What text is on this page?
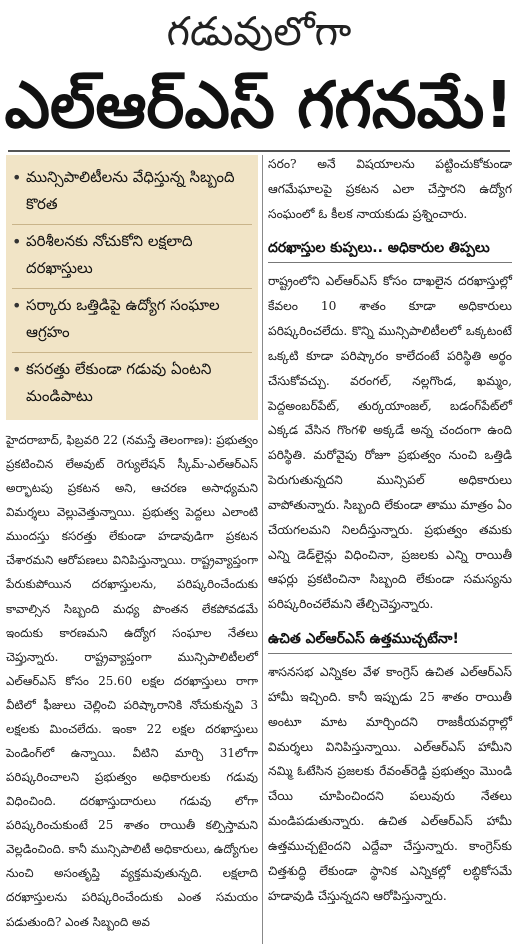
గడువులోగా
ఎల్‌ఆర్‌ఎస్ గగనమే!
• మున్సిపాలిటీలను వేధిస్తున్న సిబ్బంది కొరత
• పరిశీలనకు నోచుకోని లక్షలాది దరఖాస్తులు
• సర్కారు ఒత్తిడిపై ఉద్యోగ సంఘాల ఆగ్రహం
• కసరత్తు లేకుండా గడువు ఏంటని మండిపాటు

హైదరాబాద్, ఫిబ్రవరి 22 (నమస్తే తెలంగాణ): ప్రభుత్వం ప్రకటించిన లేఅవుట్ రెగ్యులేషన్ స్కీమ్-ఎల్ఆర్ఎస్ అర్భాటపు ప్రకటన అని, ఆచరణ అసాధ్యమని విమర్శలు వెల్లువెత్తున్నాయి. ప్రభుత్వ పెద్దలు ఎలాంటి ముందస్తు కసరత్తు లేకుండా హడావుడిగా ప్రకటన చేశారమని ఆరోపణలు వినిపిస్తున్నాయి. రాష్ట్రవ్యాప్తంగా పేరుకుపోయిన దరఖాస్తులను, పరిష్కరించేందుకు కావాల్సిన సిబ్బంది మధ్య పొంతన లేకపోవడమే ఇందుకు కారణమని ఉద్యోగ సంఘాల నేతలు చెప్తున్నారు. రాష్ట్రవ్యాప్తంగా మున్సిపాలిటీలలో ఎల్ఆర్ఎస్ కోసం 25.60 లక్షల దరఖాస్తులు రాగా వీటిలో ఫీజులు చెల్లించి పరిష్కారానికి నోచుకున్నవి 3 లక్షలకు మించలేదు. ఇంకా 22 లక్షల దరఖాస్తులు పెండింగ్‌లో ఉన్నాయి. వీటిని మార్చి 31లోగా పరిష్కరించాలని ప్రభుత్వం అధికారులకు గడువు విధించింది. దరఖాస్తుదారులు గడువు లోగా పరిష్కరించుకుంటే 25 శాతం రాయితీ కల్పిస్తామని వెల్లడించింది. కానీ మున్సిపాలిటీ అధికారులు, ఉద్యోగుల నుంచి అసంతృప్తి వ్యక్తమవుతున్నది. లక్షలాది దరఖాస్తులను పరిష్కరించేందుకు ఎంత సమయం పడుతుంది? ఎంత సిబ్బంది అవ

సరం? అనే విషయాలను పట్టించుకోకుండా ఆగమేఘాలపై ప్రకటన ఎలా చేస్తారని ఉద్యోగ సంఘంలో ఓ కీలక నాయకుడు ప్రశ్నించారు.

దరఖాస్తుల కుప్పలు.. అధికారుల తిప్పలు

రాష్ట్రంలోని ఎల్ఆర్ఎస్ కోసం దాఖలైన దరఖాస్తుల్లో కేవలం 10 శాతం కూడా అధికారులు పరిష్కరించలేదు. కొన్ని మున్సిపాలిటీలలో ఒక్కటంటే ఒక్కటి కూడా పరిష్కారం కాలేదంటే పరిస్థితి అర్థం చేసుకోవచ్చు. వరంగల్, నల్లగొండ, ఖమ్మం, పెద్దఅంబర్‌పేట్, తుర్కయాంజల్, బడంగ్‌పేట్‌లో ఎక్కడ వేసిన గొంగళి అక్కడే అన్న చందంగా ఉంది పరిస్థితి. మరోవైపు రోజూ ప్రభుత్వం నుంచి ఒత్తిడి పెరుగుతున్నదని మున్సిపల్ అధికారులు వాపోతున్నారు. సిబ్బంది లేకుండా తాము మాత్రం ఏం చేయగలమని నిలదీస్తున్నారు. ప్రభుత్వం తమకు ఎన్ని డెడ్‌లైన్లు విధించినా, ప్రజలకు ఎన్ని రాయితీ ఆఫర్లు ప్రకటించినా సిబ్బంది లేకుండా సమస్యను పరిష్కరించలేమని తేల్చిచెప్తున్నారు.

ఉచిత ఎల్ఆర్ఎస్ ఉత్తముచ్చటేనా!

శాసనసభ ఎన్నికల వేళ కాంగ్రెస్ ఉచిత ఎల్ఆర్ఎస్ హామీ ఇచ్చింది. కానీ ఇప్పుడు 25 శాతం రాయితీ అంటూ మాట మార్చిందని రాజకీయవర్గాల్లో విమర్శలు వినిపిస్తున్నాయి. ఎల్ఆర్ఎస్ హామీని నమ్మి ఓటేసిన ప్రజలకు రేవంత్‌రెడ్డి ప్రభుత్వం మొండి చేయి చూపించిందని పలువురు నేతలు మండిపడుతున్నారు. ఉచిత ఎల్ఆర్ఎస్ హామీ ఉత్తముచ్చటైందని ఎద్దేవా చేస్తున్నారు. కాంగ్రెస్‌కు చిత్తశుద్ధి లేకుండా స్థానిక ఎన్నికల్లో లబ్ధికోసమే హడావుడి చేస్తున్నదని ఆరోపిస్తున్నారు.
